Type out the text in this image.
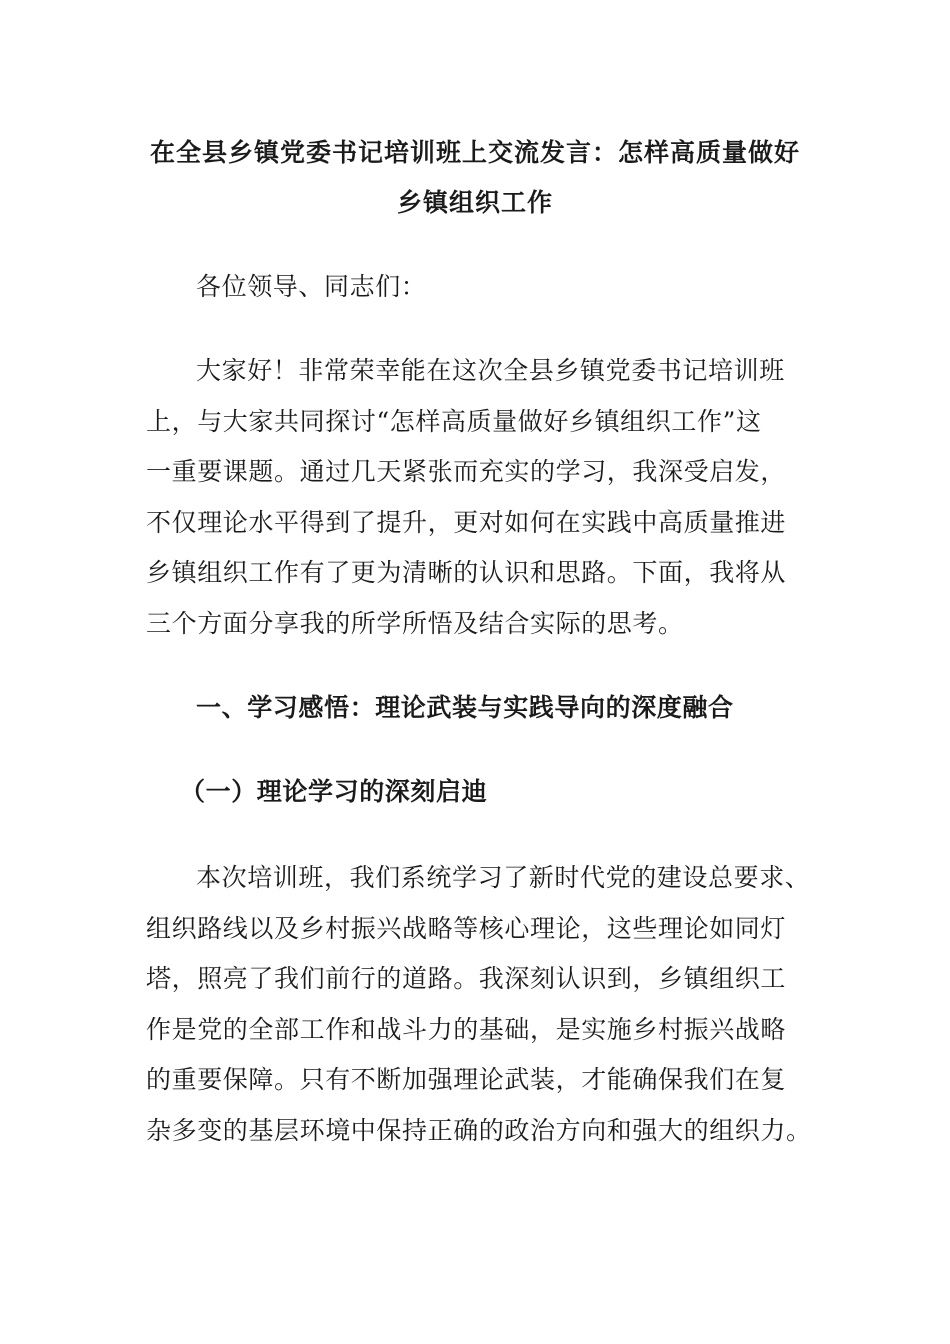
在全县乡镇党委书记培训班上交流发言：怎样高质量做好
乡镇组织工作
各位领导、同志们：
大家好！非常荣幸能在这次全县乡镇党委书记培训班
上，与大家共同探讨“怎样高质量做好乡镇组织工作”这
一重要课题。通过几天紧张而充实的学习，我深受启发，
不仅理论水平得到了提升，更对如何在实践中高质量推进
乡镇组织工作有了更为清晰的认识和思路。下面，我将从
三个方面分享我的所学所悟及结合实际的思考。
一、学习感悟：理论武装与实践导向的深度融合
（一）理论学习的深刻启迪
本次培训班，我们系统学习了新时代党的建设总要求、
组织路线以及乡村振兴战略等核心理论，这些理论如同灯
塔，照亮了我们前行的道路。我深刻认识到，乡镇组织工
作是党的全部工作和战斗力的基础，是实施乡村振兴战略
的重要保障。只有不断加强理论武装，才能确保我们在复
杂多变的基层环境中保持正确的政治方向和强大的组织力。
